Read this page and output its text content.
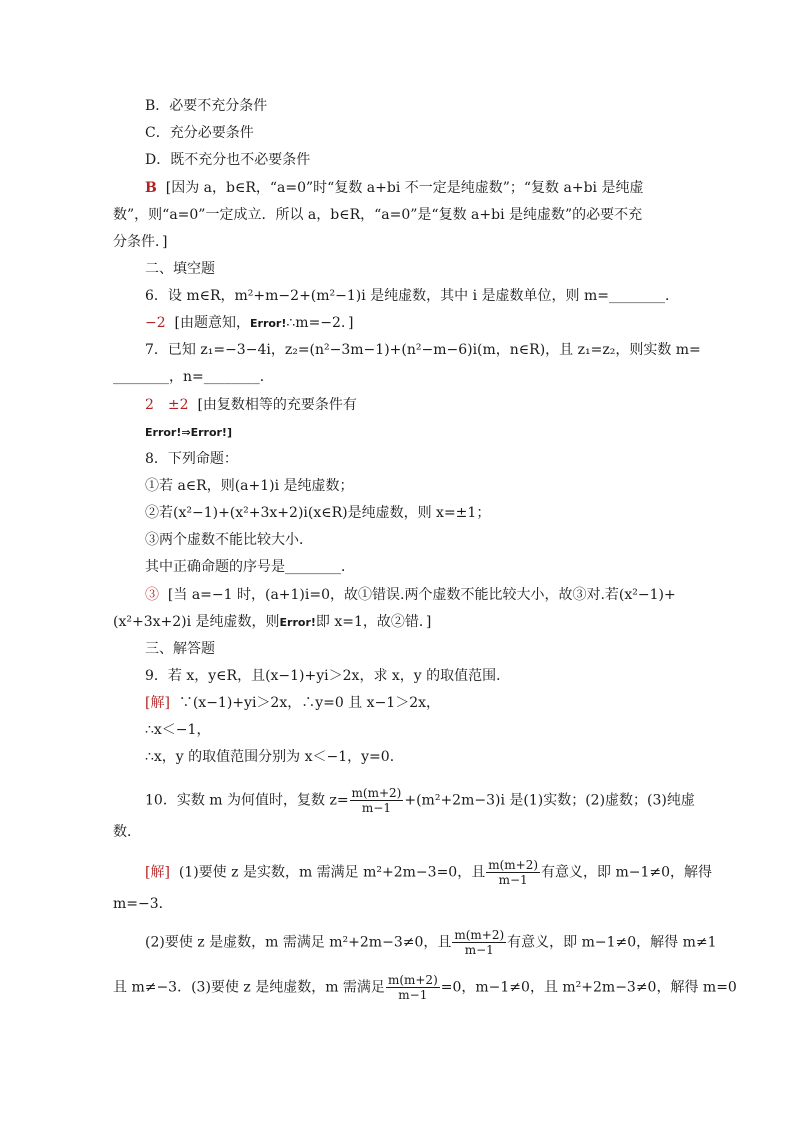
B．必要不充分条件
C．充分必要条件
D．既不充分也不必要条件
B [因为 a，b∈R，“a=0”时“复数 a+bi 不一定是纯虚数”；“复数 a+bi 是纯虚
数”，则“a=0”一定成立．所以 a，b∈R，“a=0”是“复数 a+bi 是纯虚数”的必要不充
分条件．]
二、填空题
6．设 m∈R，m²+m−2+(m²−1)i 是纯虚数，其中 i 是虚数单位，则 m=________．
−2 [由题意知，Error!∴m=−2．]
7．已知 z₁=−3−4i，z₂=(n²−3m−1)+(n²−m−6)i(m，n∈R)，且 z₁=z₂，则实数 m=
________，n=________．
2　±2 [由复数相等的充要条件有
Error!⇒Error!]
8．下列命题：
①若 a∈R，则(a+1)i 是纯虚数；
②若(x²−1)+(x²+3x+2)i(x∈R)是纯虚数，则 x=±1；
③两个虚数不能比较大小．
其中正确命题的序号是________．
③ [当 a=−1 时，(a+1)i=0，故①错误.两个虚数不能比较大小，故③对.若(x²−1)+
(x²+3x+2)i 是纯虚数，则Error!即 x=1，故②错．]
三、解答题
9．若 x，y∈R，且(x−1)+yi＞2x，求 x，y 的取值范围．
[解] ∵(x−1)+yi＞2x，∴y=0 且 x−1＞2x，
∴x＜−1，
∴x，y 的取值范围分别为 x＜−1，y=0．
10．实数 m 为何值时，复数 $z= \frac{m(m+2)}{m-1} +(m^2+2m-3)i$ 是(1)实数；(2)虚数；(3)纯虚
数．
[解] (1)要使 z 是实数，m 需满足 m²+2m−3=0，且 $\frac{m(m+2)}{m-1}$ 有意义，即 m−1≠0，解得
m=−3．
(2)要使 z 是虚数，m 需满足 m²+2m−3≠0，且 $\frac{m(m+2)}{m-1}$ 有意义，即 m−1≠0，解得 m≠1
且 m≠−3．(3)要使 z 是纯虚数，m 需满足 $\frac{m(m+2)}{m-1} =0$，m−1≠0，且 m²+2m−3≠0，解得 m=0
